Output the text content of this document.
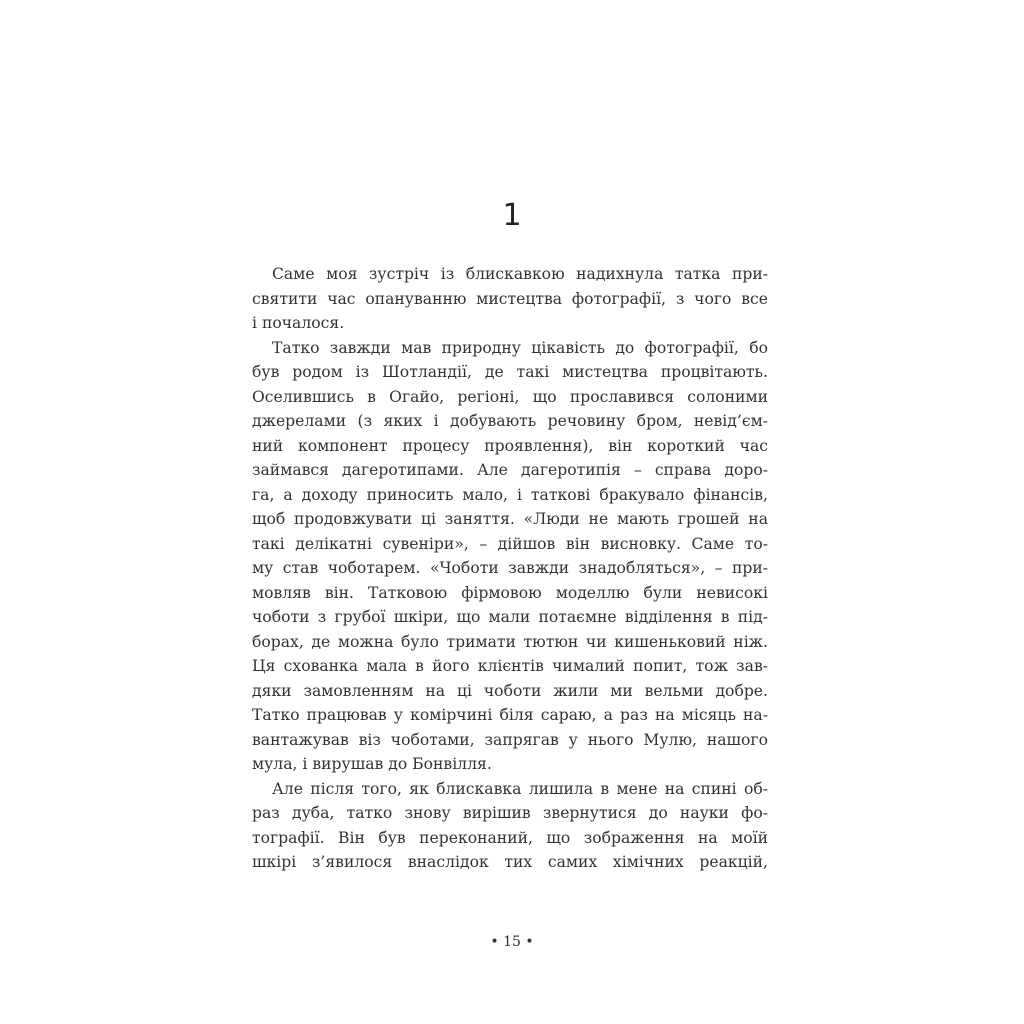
1
Саме моя зустріч із блискавкою надихнула татка при-
святити час опануванню мистецтва фотографії, з чого все
і почалося.
Татко завжди мав природну цікавість до фотографії, бо
був родом із Шотландії, де такі мистецтва процвітають.
Оселившись в Огайо, регіоні, що прославився солоними
джерелами (з яких і добувають речовину бром, невід’єм-
ний компонент процесу проявлення), він короткий час
займався дагеротипами. Але дагеротипія – справа доро-
га, а доходу приносить мало, і таткові бракувало фінансів,
щоб продовжувати ці заняття. «Люди не мають грошей на
такі делікатні сувеніри», – дійшов він висновку. Саме то-
му став чоботарем. «Чоботи завжди знадобляться», – при-
мовляв він. Татковою фірмовою моделлю були невисокі
чоботи з грубої шкіри, що мали потаємне відділення в під-
борах, де можна було тримати тютюн чи кишеньковий ніж.
Ця схованка мала в його клієнтів чималий попит, тож зав-
дяки замовленням на ці чоботи жили ми вельми добре.
Татко працював у комірчині біля сараю, а раз на місяць на-
вантажував віз чоботами, запрягав у нього Мулю, нашого
мула, і вирушав до Бонвілля.
Але після того, як блискавка лишила в мене на спині об-
раз дуба, татко знову вирішив звернутися до науки фо-
тографії. Він був переконаний, що зображення на моїй
шкірі з’явилося внаслідок тих самих хімічних реакцій,
• 15 •
